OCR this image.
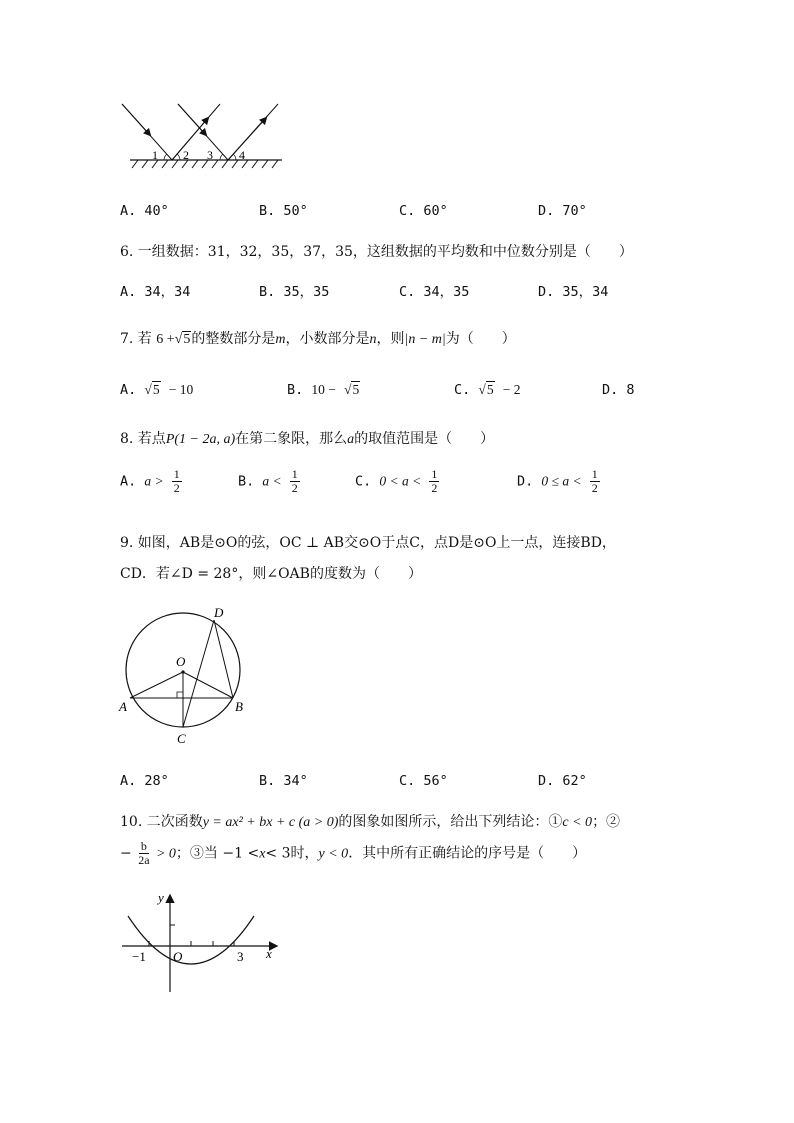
1 2 3 4
A. 40°	B. 50°	C. 60°	D. 70°
6. 一组数据：31，32，35，37，35，这组数据的平均数和中位数分别是（　　）
A. 34，34	B. 35，35	C. 34，35	D. 35，34
7. 若 6 +√5的整数部分是m，小数部分是n，则|n − m|为（　　）
A. √5 − 10	B. 10 − √5	C. √5 − 2	D. 8
8. 若点P(1 − 2a, a)在第二象限，那么a的取值范围是（　　）
A. $a > \frac{1}{2}$	B. $a < \frac{1}{2}$	C. $0 < a < \frac{1}{2}$	D. $0 \le a < \frac{1}{2}$
9. 如图，AB是⊙O的弦，OC ⊥ AB交⊙O于点C，点D是⊙O上一点，连接BD，
CD．若∠D = 28°，则∠OAB的度数为（　　）
D
O
A	B
C
A. 28°	B. 34°	C. 56°	D. 62°
10. 二次函数y = ax² + bx + c (a > 0)的图象如图所示，给出下列结论：①c < 0；②
− $\frac{b}{2a} > 0$；③当 −1 <x< 3时，y < 0．其中所有正确结论的序号是（　　）
y
x
O
−1	3
